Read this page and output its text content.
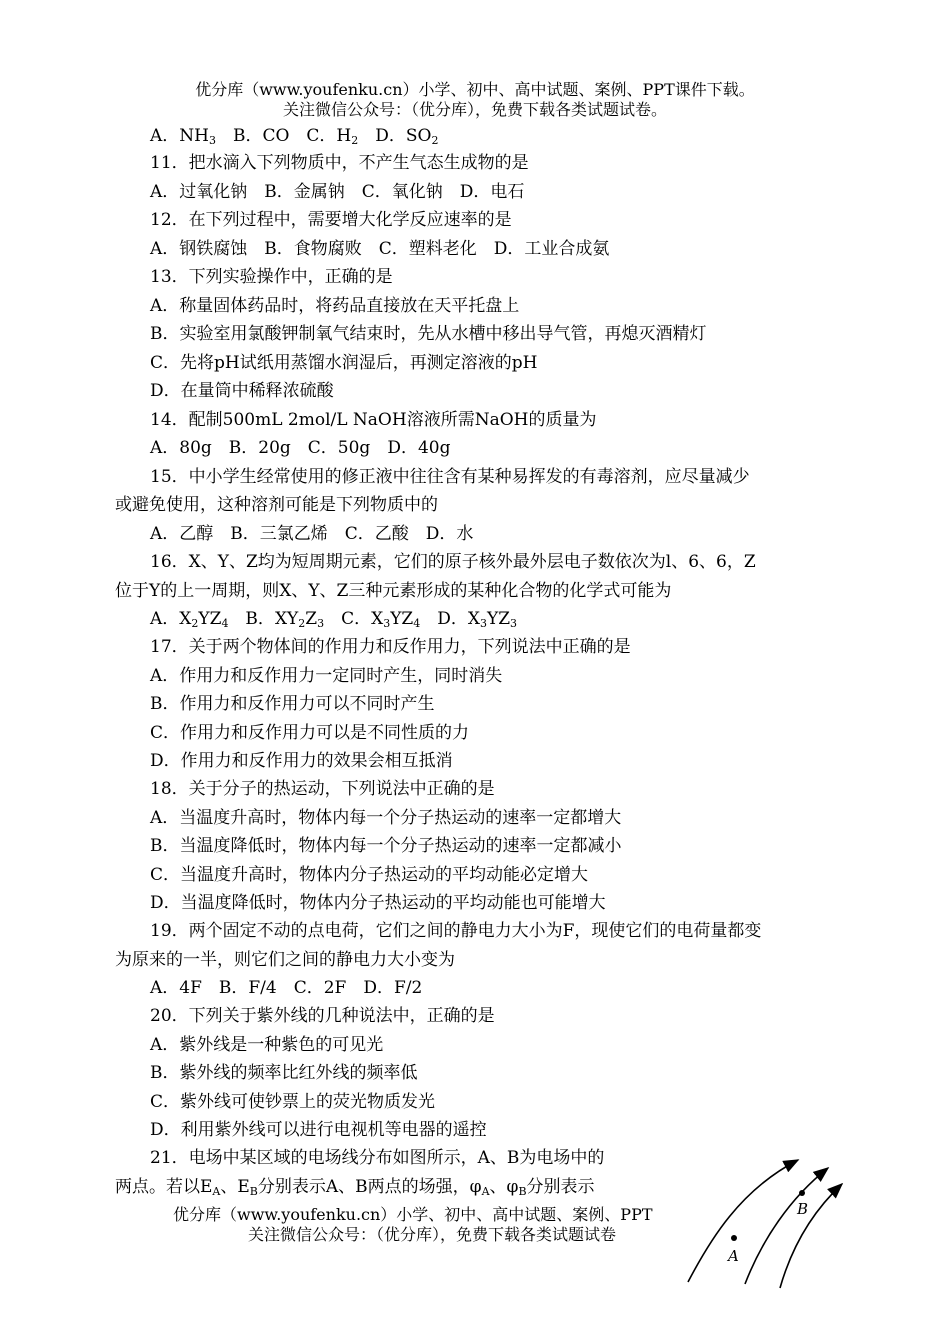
优分库（www.youfenku.cn）小学、初中、高中试题、案例、PPT课件下载。
关注微信公众号：（优分库），免费下载各类试题试卷。
A．$NH_3$　 B．CO　 C．$H_2$　 D．$SO_2$
11．把水滴入下列物质中，不产生气态生成物的是
A．过氧化钠　B．金属钠　C．氧化钠　D．电石
12．在下列过程中，需要增大化学反应速率的是
A．钢铁腐蚀　B．食物腐败　C．塑料老化　D．工业合成氨
13．下列实验操作中，正确的是
A．称量固体药品时，将药品直接放在天平托盘上
B．实验室用氯酸钾制氧气结束时，先从水槽中移出导气管，再熄灭酒精灯
C．先将pH试纸用蒸馏水润湿后，再测定溶液的pH
D．在量筒中稀释浓硫酸
14．配制500mL 2mol/L NaOH溶液所需NaOH的质量为
A．80g　B．20g　C．50g　D．40g
15．中小学生经常使用的修正液中往往含有某种易挥发的有毒溶剂，应尽量减少
或避免使用，这种溶剂可能是下列物质中的
A．乙醇　B．三氯乙烯　C．乙酸　D．水
16．X、Y、Z均为短周期元素，它们的原子核外最外层电子数依次为l、6、6，Z
位于Y的上一周期，则X、Y、Z三种元素形成的某种化合物的化学式可能为
A．$X_2YZ_4$　B．$XY_2Z_3$　C．$X_3YZ_4$　D．$X_3YZ_3$
17．关于两个物体间的作用力和反作用力，下列说法中正确的是
A．作用力和反作用力一定同时产生，同时消失
B．作用力和反作用力可以不同时产生
C．作用力和反作用力可以是不同性质的力
D．作用力和反作用力的效果会相互抵消
18．关于分子的热运动，下列说法中正确的是
A．当温度升高时，物体内每一个分子热运动的速率一定都增大
B．当温度降低时，物体内每一个分子热运动的速率一定都减小
C．当温度升高时，物体内分子热运动的平均动能必定增大
D．当温度降低时，物体内分子热运动的平均动能也可能增大
19．两个固定不动的点电荷，它们之间的静电力大小为F，现使它们的电荷量都变
为原来的一半，则它们之间的静电力大小变为
A．4F　B．F/4　C．2F　D．F/2
20．下列关于紫外线的几种说法中，正确的是
A．紫外线是一种紫色的可见光
B．紫外线的频率比红外线的频率低
C．紫外线可使钞票上的荧光物质发光
D．利用紫外线可以进行电视机等电器的遥控
21．电场中某区域的电场线分布如图所示，A、B为电场中的
两点。若以$E_A$、$E_B$分别表示A、B两点的场强，$\varphi_A$、$\varphi_B$分别表示
优分库（www.youfenku.cn）小学、初中、高中试题、案例、PPT
关注微信公众号：（优分库），免费下载各类试题试卷
A
B
